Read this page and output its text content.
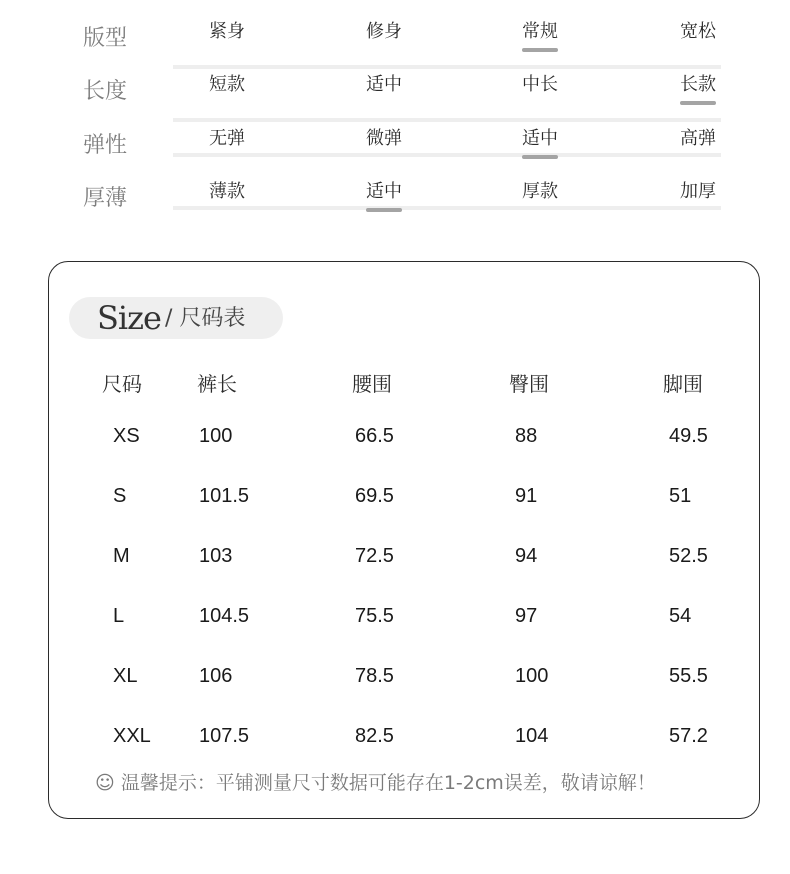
版型	紧身	修身	常规	宽松
长度	短款	适中	中长	长款
弹性	无弹	微弹	适中	高弹
厚薄	薄款	适中	厚款	加厚
Size / 尺码表
尺码	裤长	腰围	臀围	脚围
XS	100	66.5	88	49.5
S	101.5	69.5	91	51
M	103	72.5	94	52.5
L	104.5	75.5	97	54
XL	106	78.5	100	55.5
XXL 107.5	82.5	104	57.2
☺ 温馨提示：平铺测量尺寸数据可能存在1-2cm误差，敬请谅解！
